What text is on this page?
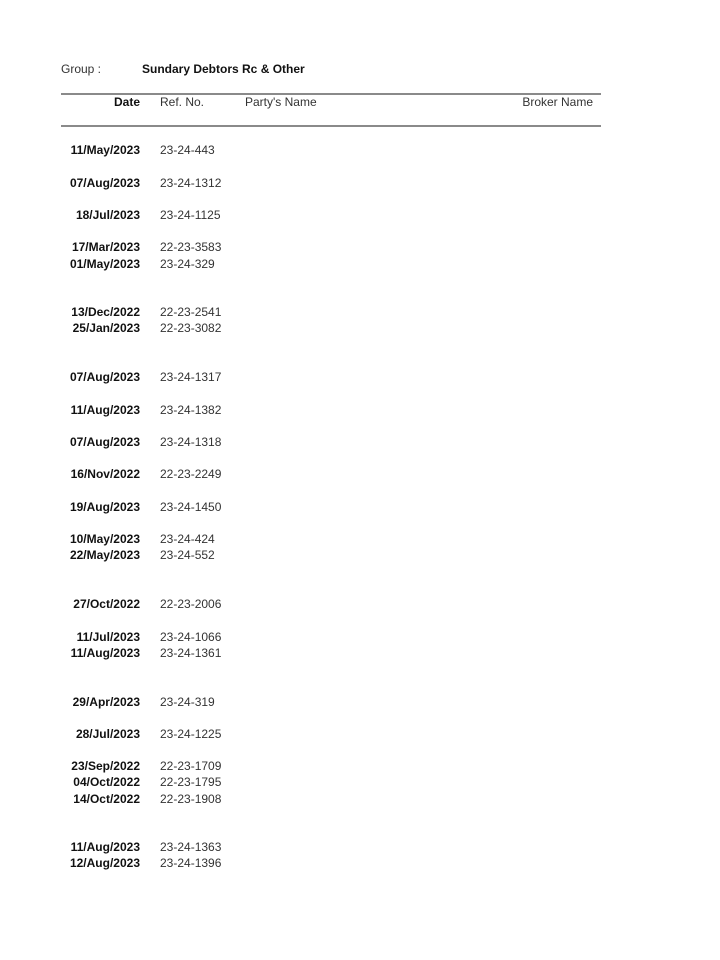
Group :	Sundary Debtors Rc & Other
Date Ref. No.	Party's Name	Broker Name
11/May/2023 23-24-443
07/Aug/2023 23-24-1312
18/Jul/2023 23-24-1125
17/Mar/2023 22-23-3583
01/May/2023 23-24-329
13/Dec/2022 22-23-2541
25/Jan/2023 22-23-3082
07/Aug/2023 23-24-1317
11/Aug/2023 23-24-1382
07/Aug/2023 23-24-1318
16/Nov/2022 22-23-2249
19/Aug/2023 23-24-1450
10/May/2023 23-24-424
22/May/2023 23-24-552
27/Oct/2022 22-23-2006
11/Jul/2023 23-24-1066
11/Aug/2023 23-24-1361
29/Apr/2023 23-24-319
28/Jul/2023 23-24-1225
23/Sep/2022 22-23-1709
04/Oct/2022 22-23-1795
14/Oct/2022 22-23-1908
11/Aug/2023 23-24-1363
12/Aug/2023 23-24-1396
